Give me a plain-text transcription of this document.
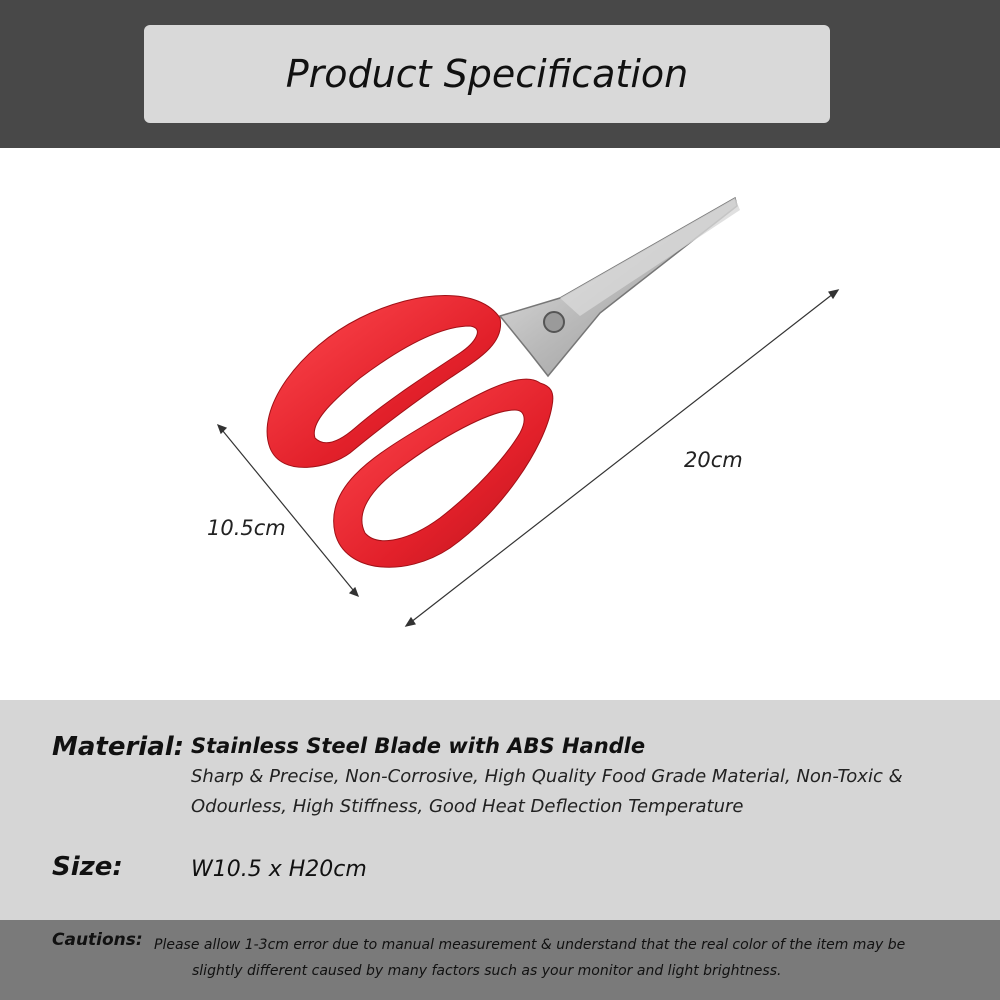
Product Specification
10.5cm
20cm
Material: Stainless Steel Blade with ABS Handle
Sharp & Precise, Non-Corrosive, High Quality Food Grade Material, Non-Toxic &
Odourless, High Stiffness, Good Heat Deflection Temperature
Size:	W10.5 x H20cm
Cautions: Please allow 1-3cm error due to manual measurement & understand that the real color of the item may be
slightly different caused by many factors such as your monitor and light brightness.
